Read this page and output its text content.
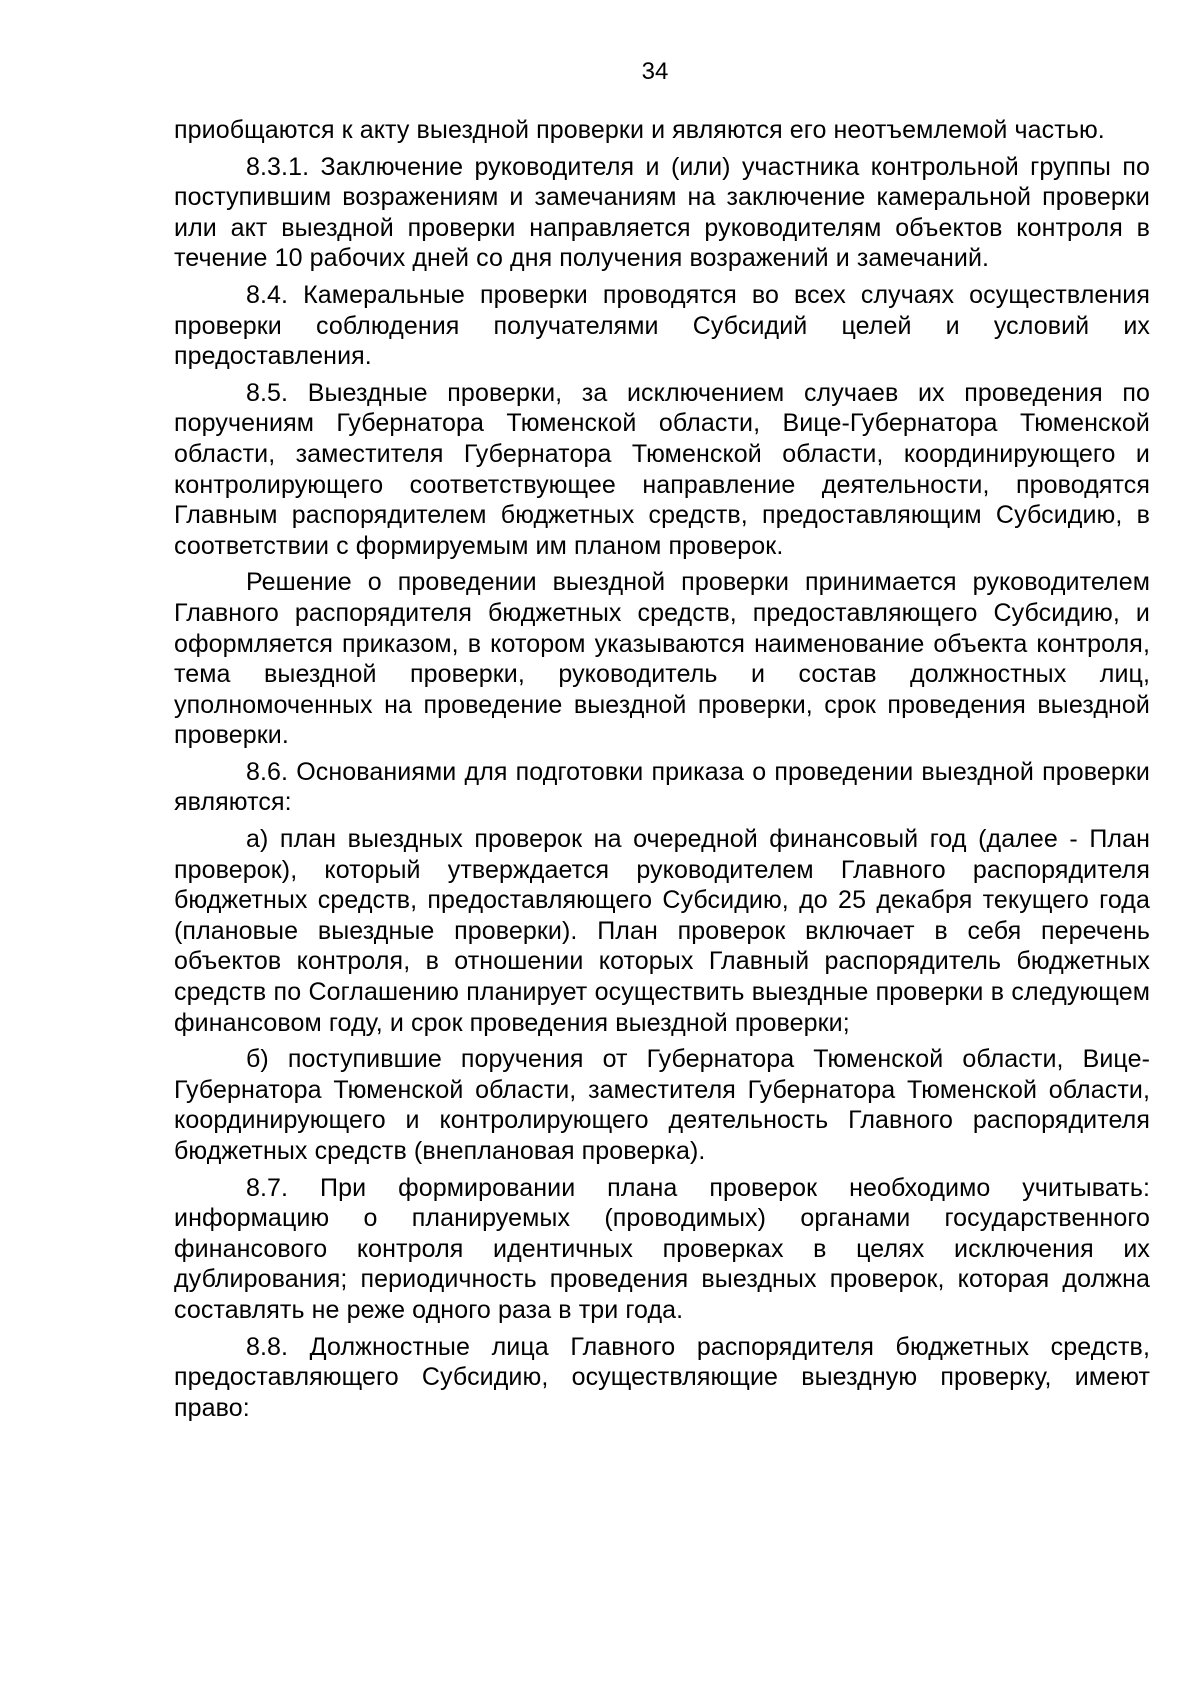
34

приобщаются к акту выездной проверки и являются его неотъемлемой частью.

8.3.1. Заключение руководителя и (или) участника контрольной группы по поступившим возражениям и замечаниям на заключение камеральной проверки или акт выездной проверки направляется руководителям объектов контроля в течение 10 рабочих дней со дня получения возражений и замечаний.

8.4. Камеральные проверки проводятся во всех случаях осуществления проверки соблюдения получателями Субсидий целей и условий их предоставления.

8.5. Выездные проверки, за исключением случаев их проведения по поручениям Губернатора Тюменской области, Вице-Губернатора Тюменской области, заместителя Губернатора Тюменской области, координирующего и контролирующего соответствующее направление деятельности, проводятся Главным распорядителем бюджетных средств, предоставляющим Субсидию, в соответствии с формируемым им планом проверок.

Решение о проведении выездной проверки принимается руководителем Главного распорядителя бюджетных средств, предоставляющего Субсидию, и оформляется приказом, в котором указываются наименование объекта контроля, тема выездной проверки, руководитель и состав должностных лиц, уполномоченных на проведение выездной проверки, срок проведения выездной проверки.

8.6. Основаниями для подготовки приказа о проведении выездной проверки являются:

а) план выездных проверок на очередной финансовый год (далее - План проверок), который утверждается руководителем Главного распорядителя бюджетных средств, предоставляющего Субсидию, до 25 декабря текущего года (плановые выездные проверки). План проверок включает в себя перечень объектов контроля, в отношении которых Главный распорядитель бюджетных средств по Соглашению планирует осуществить выездные проверки в следующем финансовом году, и срок проведения выездной проверки;

б) поступившие поручения от Губернатора Тюменской области, Вице-Губернатора Тюменской области, заместителя Губернатора Тюменской области, координирующего и контролирующего деятельность Главного распорядителя бюджетных средств (внеплановая проверка).

8.7. При формировании плана проверок необходимо учитывать: информацию о планируемых (проводимых) органами государственного финансового контроля идентичных проверках в целях исключения их дублирования; периодичность проведения выездных проверок, которая должна составлять не реже одного раза в три года.

8.8. Должностные лица Главного распорядителя бюджетных средств, предоставляющего Субсидию, осуществляющие выездную проверку, имеют право:
